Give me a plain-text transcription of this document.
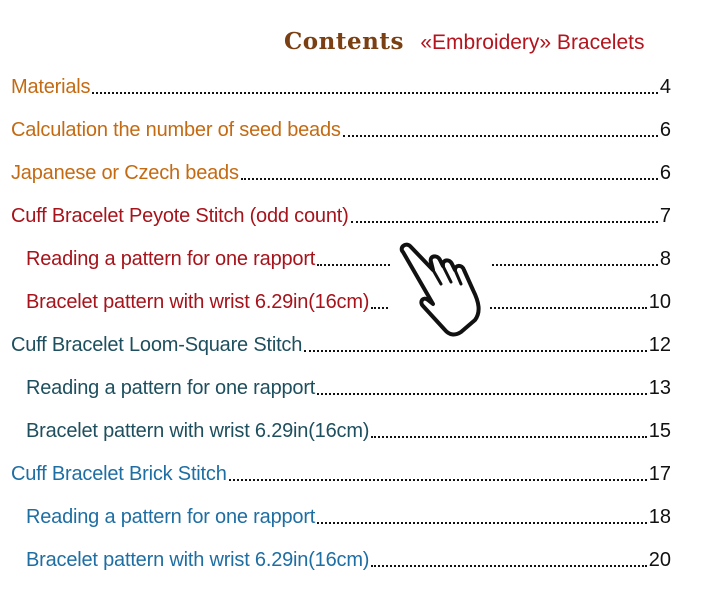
Contents «Embroidery» Bracelets
Materials	4
Calculation the number of seed beads	6
Japanese or Czech beads	6
Cuff Bracelet Peyote Stitch (odd count)	7
Reading a pattern for one rapport	8
Bracelet pattern with wrist 6.29in(16cm)	10
Cuff Bracelet Loom-Square Stitch	12
Reading a pattern for one rapport	13
Bracelet pattern with wrist 6.29in(16cm)	15
Cuff Bracelet Brick Stitch	17
Reading a pattern for one rapport	18
Bracelet pattern with wrist 6.29in(16cm)	20
